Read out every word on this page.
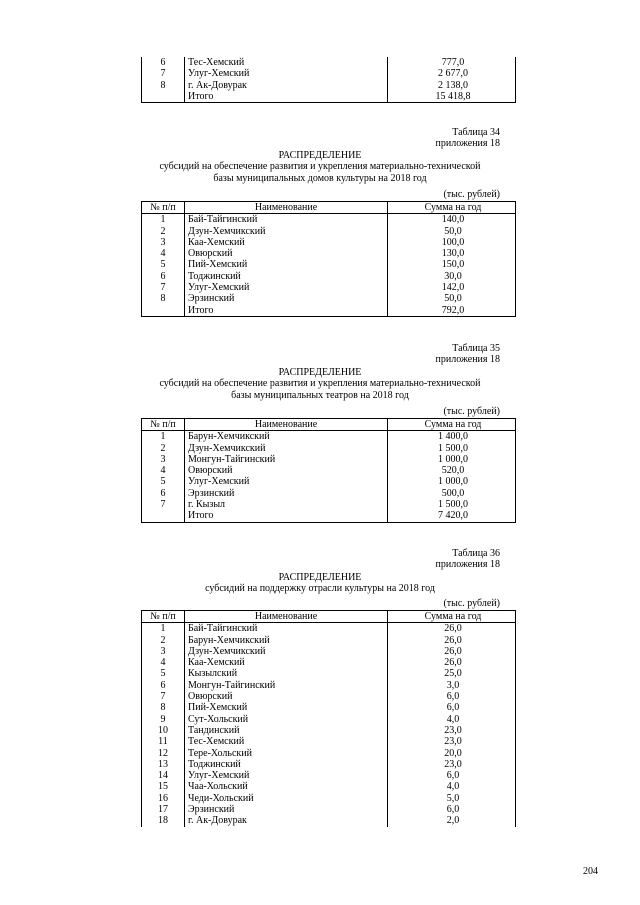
6	Тес-Хемский	777,0
7	Улуг-Хемский	2 677,0
8	г. Ак-Довурак	2 138,0
	Итого	15 418,8
Таблица 34
приложения 18
РАСПРЕДЕЛЕНИЕ
субсидий на обеспечение развития и укрепления материально-технической
базы муниципальных домов культуры на 2018 год
(тыс. рублей)
№ п/п	Наименование	Сумма на год
1	Бай-Тайгинский	140,0
2	Дзун-Хемчикский	50,0
3	Каа-Хемский	100,0
4	Овюрский	130,0
5	Пий-Хемский	150,0
6	Тоджинский	30,0
7	Улуг-Хемский	142,0
8	Эрзинский	50,0
	Итого	792,0
Таблица 35
приложения 18
РАСПРЕДЕЛЕНИЕ
субсидий на обеспечение развития и укрепления материально-технической
базы муниципальных театров на 2018 год
(тыс. рублей)
№ п/п	Наименование	Сумма на год
1	Барун-Хемчикский	1 400,0
2	Дзун-Хемчикский	1 500,0
3	Монгун-Тайгинский	1 000,0
4	Овюрский	520,0
5	Улуг-Хемский	1 000,0
6	Эрзинский	500,0
7	г. Кызыл	1 500,0
	Итого	7 420,0
Таблица 36
приложения 18
РАСПРЕДЕЛЕНИЕ
субсидий на поддержку отрасли культуры на 2018 год
(тыс. рублей)
№ п/п	Наименование	Сумма на год
1	Бай-Тайгинский	26,0
2	Барун-Хемчикский	26,0
3	Дзун-Хемчикский	26,0
4	Каа-Хемский	26,0
5	Кызылский	25,0
6	Монгун-Тайгинский	3,0
7	Овюрский	6,0
8	Пий-Хемский	6,0
9	Сут-Хольский	4,0
10	Тандинский	23,0
11	Тес-Хемский	23,0
12	Тере-Хольский	20,0
13	Тоджинский	23,0
14	Улуг-Хемский	6,0
15	Чаа-Хольский	4,0
16	Чеди-Хольский	5,0
17	Эрзинский	6,0
18	г. Ак-Довурак	2,0
204
